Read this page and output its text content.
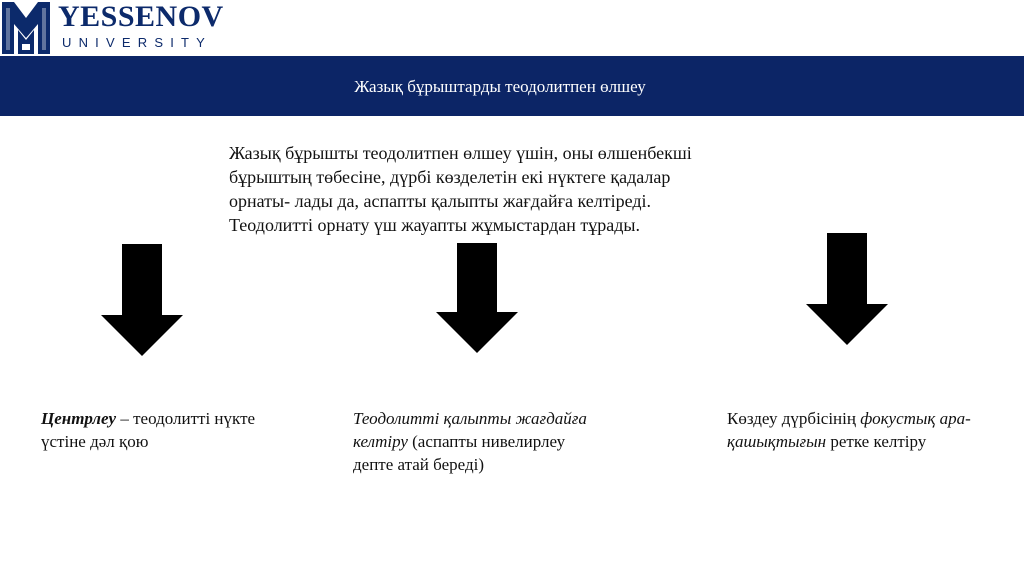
YESSENOV
UNIVERSITY
Жазық бұрыштарды теодолитпен өлшеу
Жазық бұрышты теодолитпен өлшеу үшін, оны өлшенбекші бұрыштың төбесіне, дүрбі көзделетін екі нүктеге қадалар орнаты- лады да, аспапты қалыпты жағдайға келтіреді. Теодолитті орнату үш жауапты жұмыстардан тұрады.
Центрлеу – теодолитті нүкте үстіне дәл қою
Теодолитті қалыпты жағдайға келтіру (аспапты нивелирлеу депте атай береді)
Көздеу дүрбісінің фокустық ара- қашықтығын ретке келтіру
